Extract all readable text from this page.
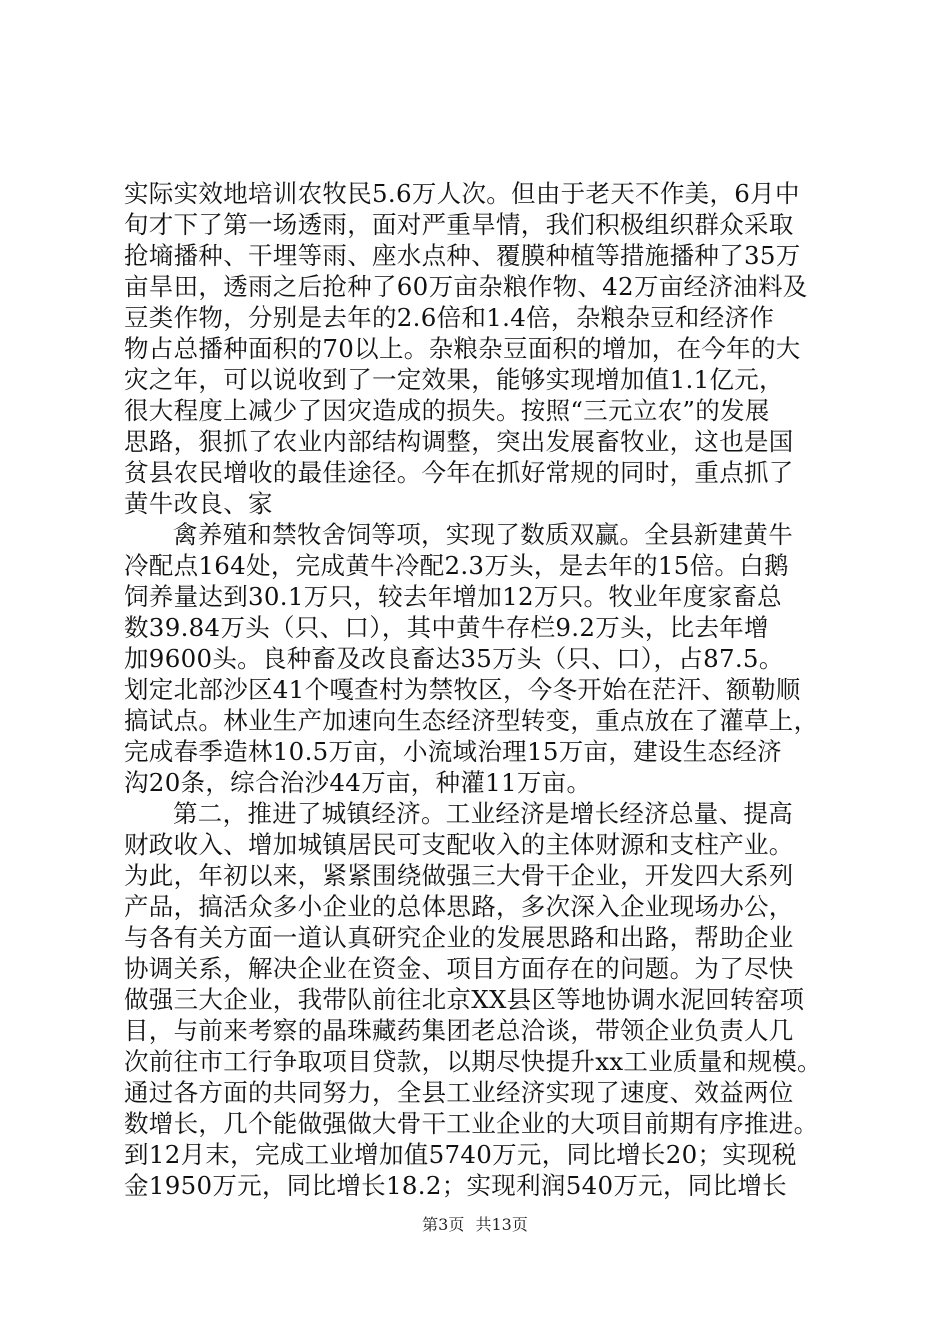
实际实效地培训农牧民5.6万人次。但由于老天不作美，6月中
旬才下了第一场透雨，面对严重旱情，我们积极组织群众采取
抢墒播种、干埋等雨、座水点种、覆膜种植等措施播种了35万
亩旱田，透雨之后抢种了60万亩杂粮作物、42万亩经济油料及
豆类作物，分别是去年的2.6倍和1.4倍，杂粮杂豆和经济作
物占总播种面积的70以上。杂粮杂豆面积的增加，在今年的大
灾之年，可以说收到了一定效果，能够实现增加值1.1亿元，
很大程度上减少了因灾造成的损失。按照“三元立农”的发展
思路，狠抓了农业内部结构调整，突出发展畜牧业，这也是国
贫县农民增收的最佳途径。今年在抓好常规的同时，重点抓了
黄牛改良、家
禽养殖和禁牧舍饲等项，实现了数质双赢。全县新建黄牛
冷配点164处，完成黄牛冷配2.3万头，是去年的15倍。白鹅
饲养量达到30.1万只，较去年增加12万只。牧业年度家畜总
数39.84万头（只、口），其中黄牛存栏9.2万头，比去年增
加9600头。良种畜及改良畜达35万头（只、口），占87.5。
划定北部沙区41个嘎查村为禁牧区，今冬开始在茫汗、额勒顺
搞试点。林业生产加速向生态经济型转变，重点放在了灌草上，
完成春季造林10.5万亩，小流域治理15万亩，建设生态经济
沟20条，综合治沙44万亩，种灌11万亩。
第二，推进了城镇经济。工业经济是增长经济总量、提高
财政收入、增加城镇居民可支配收入的主体财源和支柱产业。
为此，年初以来，紧紧围绕做强三大骨干企业，开发四大系列
产品，搞活众多小企业的总体思路，多次深入企业现场办公，
与各有关方面一道认真研究企业的发展思路和出路，帮助企业
协调关系，解决企业在资金、项目方面存在的问题。为了尽快
做强三大企业，我带队前往北京XX县区等地协调水泥回转窑项
目，与前来考察的晶珠藏药集团老总洽谈，带领企业负责人几
次前往市工行争取项目贷款，以期尽快提升xx工业质量和规模。
通过各方面的共同努力，全县工业经济实现了速度、效益两位
数增长，几个能做强做大骨干工业企业的大项目前期有序推进。
到12月末，完成工业增加值5740万元，同比增长20；实现税
金1950万元，同比增长18.2；实现利润540万元，同比增长
第3页 共13页
